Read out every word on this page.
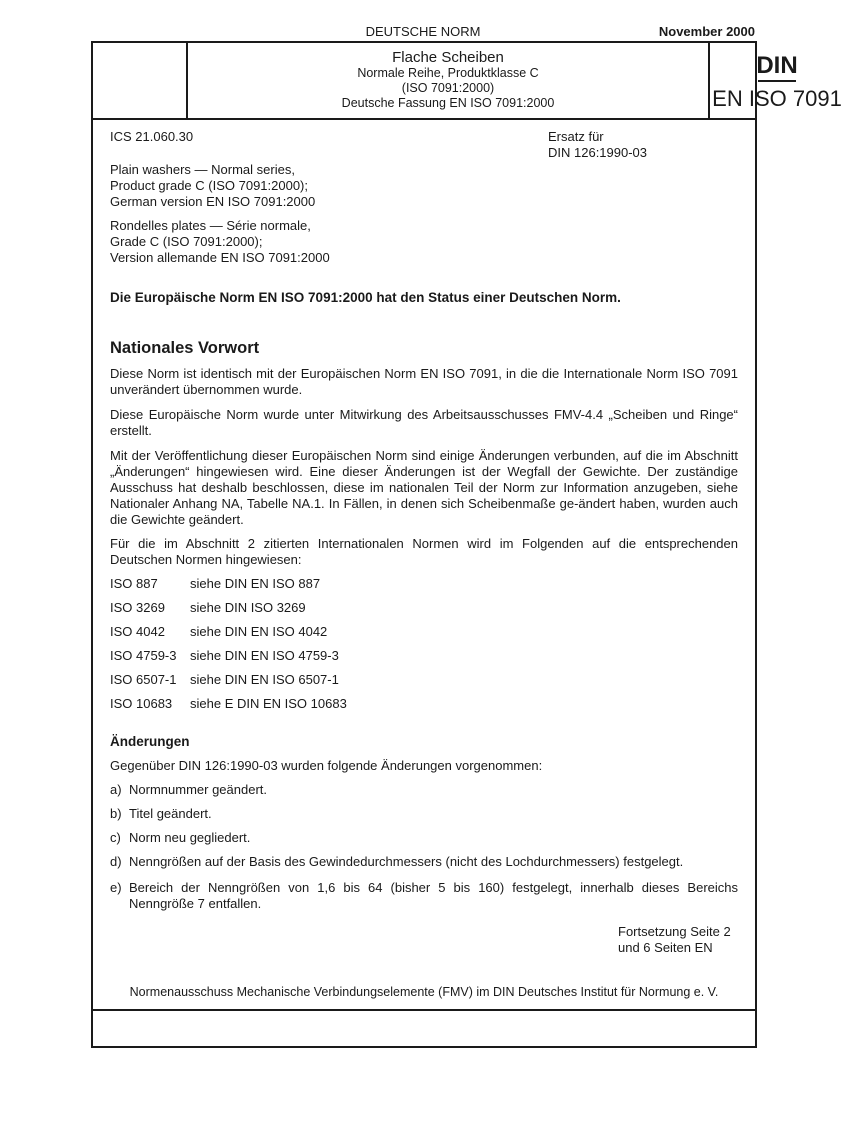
DEUTSCHE NORM	November 2000
Flache Scheiben
Normale Reihe, Produktklasse C
(ISO 7091:2000)
Deutsche Fassung EN ISO 7091:2000
DIN
EN ISO 7091
ICS 21.060.30	Ersatz für
DIN 126:1990-03
Plain washers — Normal series,
Product grade C (ISO 7091:2000);
German version EN ISO 7091:2000
Rondelles plates — Série normale,
Grade C (ISO 7091:2000);
Version allemande EN ISO 7091:2000
Die Europäische Norm EN ISO 7091:2000 hat den Status einer Deutschen Norm.
Nationales Vorwort
Diese Norm ist identisch mit der Europäischen Norm EN ISO 7091, in die die Internationale Norm ISO 7091 unverändert übernommen wurde.
Diese Europäische Norm wurde unter Mitwirkung des Arbeitsausschusses FMV-4.4 „Scheiben und Ringe“ erstellt.
Mit der Veröffentlichung dieser Europäischen Norm sind einige Änderungen verbunden, auf die im Abschnitt „Änderungen“ hingewiesen wird. Eine dieser Änderungen ist der Wegfall der Gewichte. Der zuständige Ausschuss hat deshalb beschlossen, diese im nationalen Teil der Norm zur Information anzugeben, siehe Nationaler Anhang NA, Tabelle NA.1. In Fällen, in denen sich Scheibenmaße ge-ändert haben, wurden auch die Gewichte geändert.
Für die im Abschnitt 2 zitierten Internationalen Normen wird im Folgenden auf die entsprechenden Deutschen Normen hingewiesen:
ISO 887 siehe DIN EN ISO 887
ISO 3269 siehe DIN ISO 3269
ISO 4042 siehe DIN EN ISO 4042
ISO 4759-3 siehe DIN EN ISO 4759-3
ISO 6507-1 siehe DIN EN ISO 6507-1
ISO 10683 siehe E DIN EN ISO 10683
Änderungen
Gegenüber DIN 126:1990-03 wurden folgende Änderungen vorgenommen:
a) Normnummer geändert.
b) Titel geändert.
c) Norm neu gegliedert.
d) Nenngrößen auf der Basis des Gewindedurchmessers (nicht des Lochdurchmessers) festgelegt.
e) Bereich der Nenngrößen von 1,6 bis 64 (bisher 5 bis 160) festgelegt, innerhalb dieses Bereichs Nenngröße 7 entfallen.
Fortsetzung Seite 2
und 6 Seiten EN
Normenausschuss Mechanische Verbindungselemente (FMV) im DIN Deutsches Institut für Normung e. V.
